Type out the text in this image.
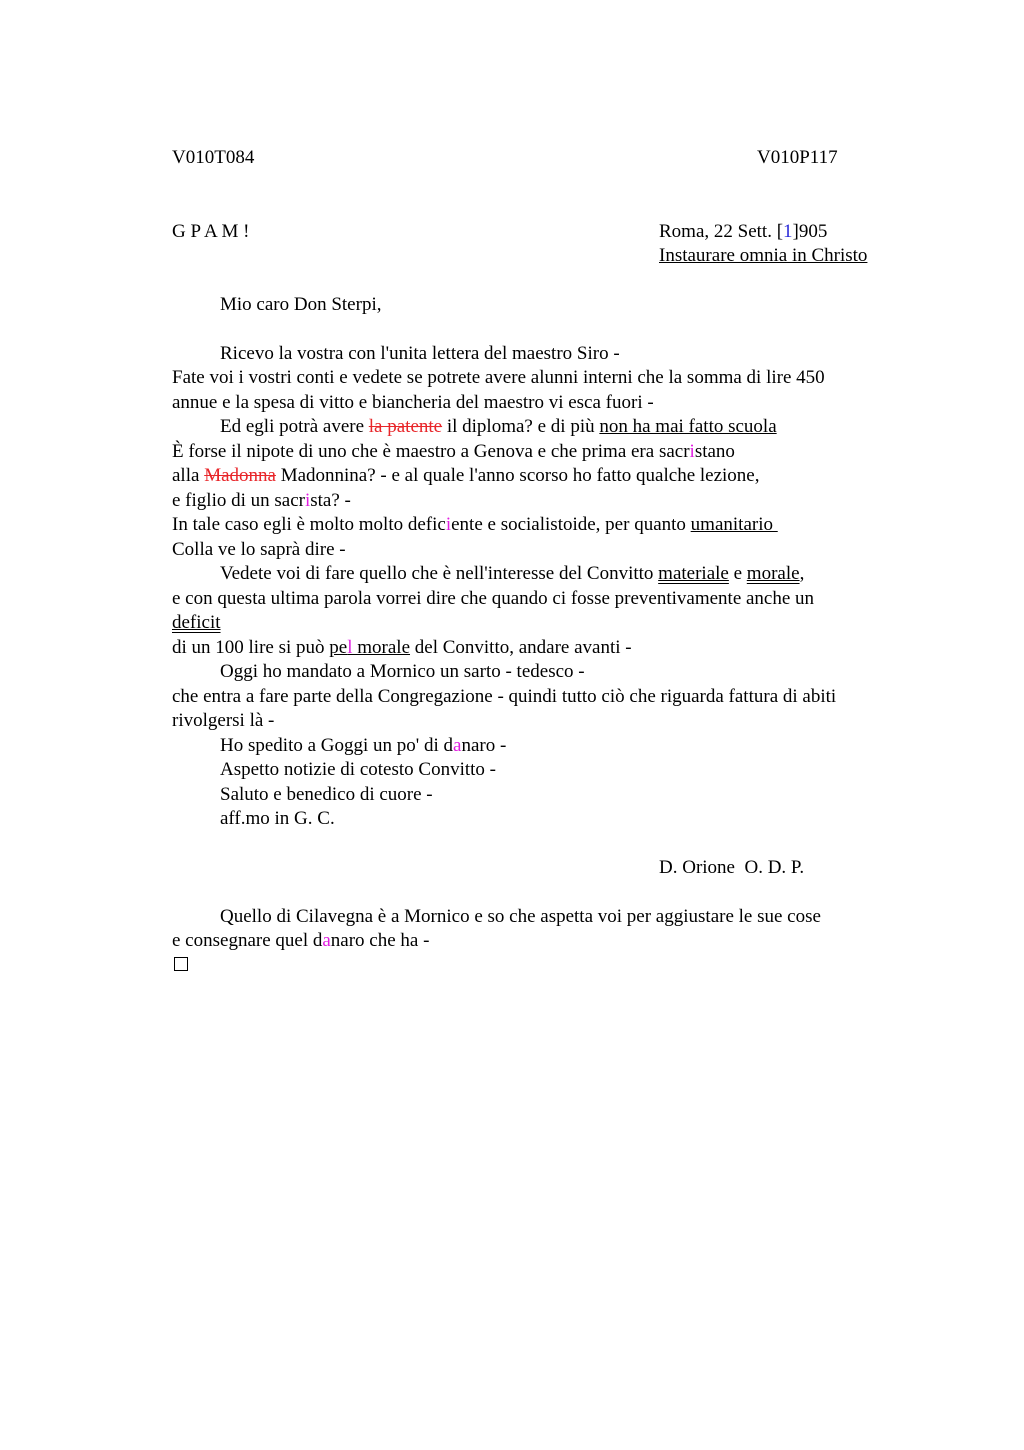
V010T084	V010P117
G P A M !	Roma, 22 Sett. [1]905
Instaurare omnia in Christo
Mio caro Don Sterpi,
Ricevo la vostra con l'unita lettera del maestro Siro -
Fate voi i vostri conti e vedete se potrete avere alunni interni che la somma di lire 450
annue e la spesa di vitto e biancheria del maestro vi esca fuori -
Ed egli potrà avere la patente il diploma? e di più non ha mai fatto scuola
È forse il nipote di uno che è maestro a Genova e che prima era sacristano
alla Madonna Madonnina? - e al quale l'anno scorso ho fatto qualche lezione,
e figlio di un sacrista? -
In tale caso egli è molto molto deficiente e socialistoide, per quanto umanitario
Colla ve lo saprà dire -
Vedete voi di fare quello che è nell'interesse del Convitto materiale e morale,
e con questa ultima parola vorrei dire che quando ci fosse preventivamente anche un
deficit
di un 100 lire si può pel morale del Convitto, andare avanti -
Oggi ho mandato a Mornico un sarto - tedesco -
che entra a fare parte della Congregazione - quindi tutto ciò che riguarda fattura di abiti
rivolgersi là -
Ho spedito a Goggi un po' di danaro -
Aspetto notizie di cotesto Convitto -
Saluto e benedico di cuore -
aff.mo in G. C.
D. Orione  O. D. P.
Quello di Cilavegna è a Mornico e so che aspetta voi per aggiustare le sue cose
e consegnare quel danaro che ha -
